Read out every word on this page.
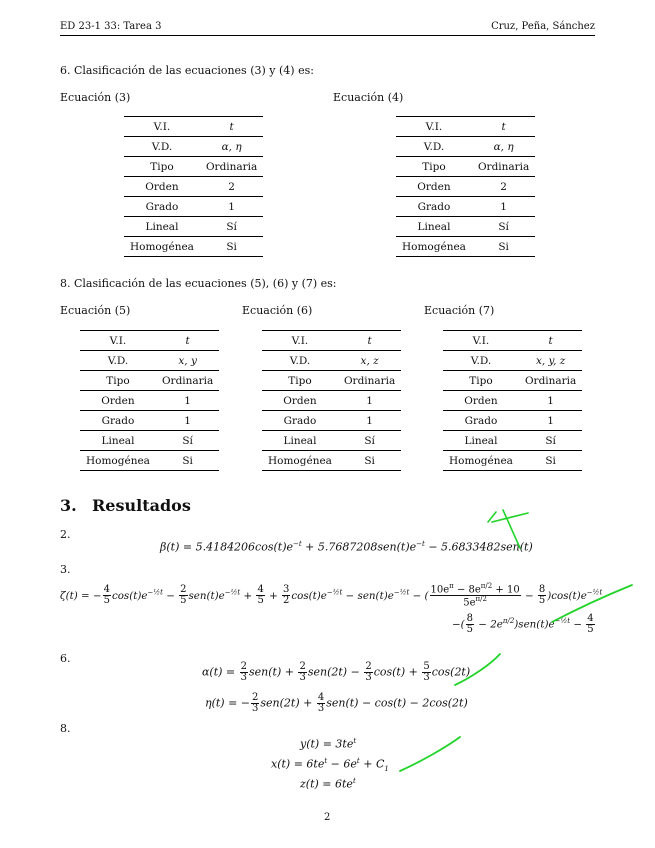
ED 23-1 33: Tarea 3	Cruz, Peña, Sánchez
6. Clasificación de las ecuaciones (3) y (4) es:
Ecuación (3)	Ecuación (4)
V.I.	t
V.D.	α, η
Tipo	Ordinaria
Orden	2
Grado	1
Lineal	Sí
Homogénea	Si
V.I.	t
V.D.	α, η
Tipo	Ordinaria
Orden	2
Grado	1
Lineal	Sí
Homogénea	Si
8. Clasificación de las ecuaciones (5), (6) y (7) es:
Ecuación (5)	Ecuación (6)	Ecuación (7)
V.I.	t
V.D.	x, y
Tipo	Ordinaria
Orden	1
Grado	1
Lineal	Sí
Homogénea	Si
V.I.	t
V.D.	x, z
Tipo	Ordinaria
Orden	1
Grado	1
Lineal	Sí
Homogénea	Si
V.I.	t
V.D.	x, y, z
Tipo	Ordinaria
Orden	1
Grado	1
Lineal	Sí
Homogénea	Si
3. Resultados
2.
$\beta(t) = 5.4184206\cos(t)e^{-t} + 5.7687208sen(t)e^{-t} - 5.6833482sen(t)$
3.
ζ(t) = − $\frac{4}{5} \cos(t)e^{-\frac{1}{2}t} - \frac{2}{5} sen(t)e^{-\frac{1}{2}t} + \frac{4}{5} + \frac{3}{2} \cos(t)e^{-\frac{1}{2}t} - sen(t)e^{-\frac{1}{2}t}$ − ( $\frac{10e^\pi - 8e^{\pi/2} + 10}{5e^{\pi/2}} - \frac{8}{5} )\cos(t)e^{-\frac{1}{2}t}$
−( $\frac{8}{5} - 2e^{\pi/2})sen(t)e^{-\frac{1}{2}t} - \frac{4}{5}$
6.
$\alpha(t) = \frac{2}{3} sen(t) + \frac{2}{3} sen(2t) - \frac{2}{3} \cos(t) + \frac{5}{3} \cos(2t)$
η(t) = − $\frac{2}{3} sen(2t) + \frac{4}{3} sen(t) - \cos(t) - 2\cos(2t)$
8.
$y(t) = 3te^t$
$x(t) = 6te^t - 6e^t + C_1$
$z(t) = 6te^t$
2
